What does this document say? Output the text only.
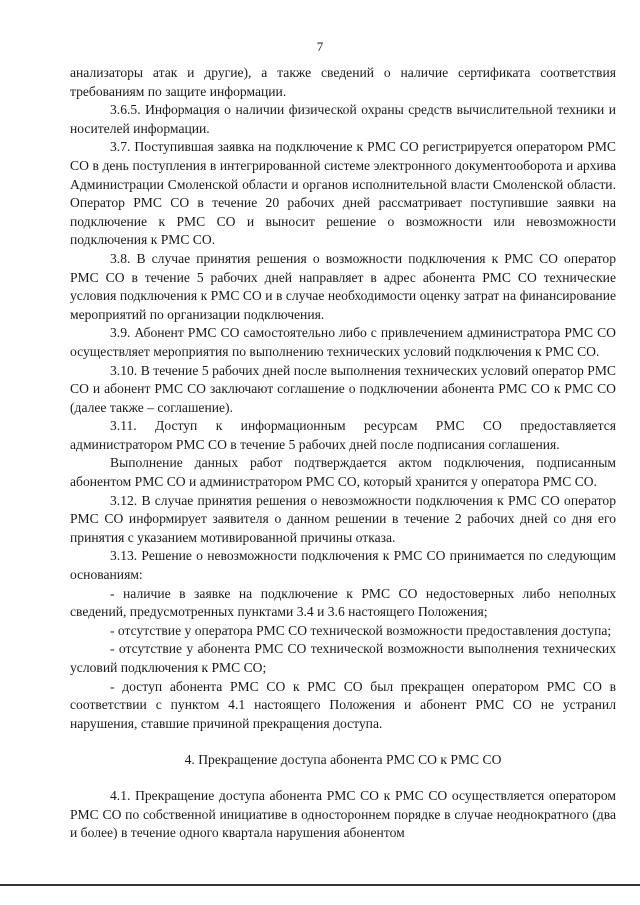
7

анализаторы атак и другие), а также сведений о наличие сертификата соответствия требованиям по защите информации.

3.6.5. Информация о наличии физической охраны средств вычислительной техники и носителей информации.

3.7. Поступившая заявка на подключение к РМС СО регистрируется оператором РМС СО в день поступления в интегрированной системе электронного документооборота и архива Администрации Смоленской области и органов исполнительной власти Смоленской области. Оператор РМС СО в течение 20 рабочих дней рассматривает поступившие заявки на подключение к РМС СО и выносит решение о возможности или невозможности подключения к РМС СО.

3.8. В случае принятия решения о возможности подключения к РМС СО оператор РМС СО в течение 5 рабочих дней направляет в адрес абонента РМС СО технические условия подключения к РМС СО и в случае необходимости оценку затрат на финансирование мероприятий по организации подключения.

3.9. Абонент РМС СО самостоятельно либо с привлечением администратора РМС СО осуществляет мероприятия по выполнению технических условий подключения к РМС СО.

3.10. В течение 5 рабочих дней после выполнения технических условий оператор РМС СО и абонент РМС СО заключают соглашение о подключении абонента РМС СО к РМС СО (далее также – соглашение).

3.11. Доступ к информационным ресурсам РМС СО предоставляется администратором РМС СО в течение 5 рабочих дней после подписания соглашения.

Выполнение данных работ подтверждается актом подключения, подписанным абонентом РМС СО и администратором РМС СО, который хранится у оператора РМС СО.

3.12. В случае принятия решения о невозможности подключения к РМС СО оператор РМС СО информирует заявителя о данном решении в течение 2 рабочих дней со дня его принятия с указанием мотивированной причины отказа.

3.13. Решение о невозможности подключения к РМС СО принимается по следующим основаниям:

- наличие в заявке на подключение к РМС СО недостоверных либо неполных сведений, предусмотренных пунктами 3.4 и 3.6 настоящего Положения;

- отсутствие у оператора РМС СО технической возможности предоставления доступа;

- отсутствие у абонента РМС СО технической возможности выполнения технических условий подключения к РМС СО;

- доступ абонента РМС СО к РМС СО был прекращен оператором РМС СО в соответствии с пунктом 4.1 настоящего Положения и абонент РМС СО не устранил нарушения, ставшие причиной прекращения доступа.

4. Прекращение доступа абонента РМС СО к РМС СО

4.1. Прекращение доступа абонента РМС СО к РМС СО осуществляется оператором РМС СО по собственной инициативе в одностороннем порядке в случае неоднократного (два и более) в течение одного квартала нарушения абонентом
